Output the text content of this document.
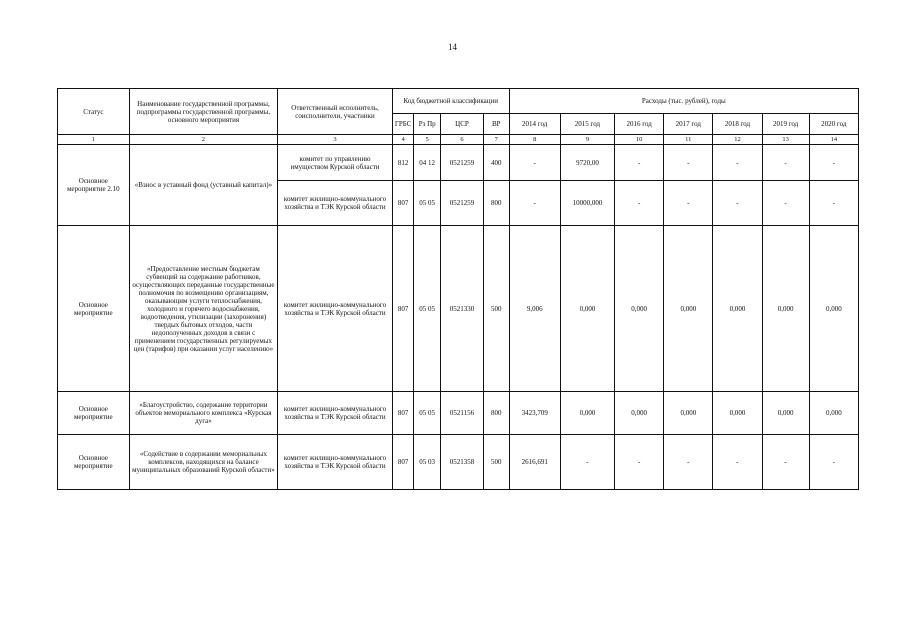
14
Статус	Наименование государственной программы, подпрограммы государственной программы, основного мероприятия	Ответственный исполнитель, соисполнители, участники	Код бюджетной классификации				Расходы (тыс. рублей), годы						
			ГРБС	Рз Пр	ЦСР	ВР	2014 год	2015 год	2016 год	2017 год	2018 год	2019 год	2020 год
1	2	3	4	5	6	7	8	9	10	11	12	13	14
Основное мероприятие 2.10	«Взнос в уставный фонд (уставный капитал)»	комитет по управлению имуществом Курской области	812	04 12	0521259	400	-	9720,00	-	-	-	-	-
		комитет жилищно-коммунального хозяйства и ТЭК Курской области	807	05 05	0521259	800	-	10000,000	-	-	-	-	-
Основное мероприятие	«Предоставление местным бюджетам субвенций на содержание работников, осуществляющих переданные государственные полномочия по возмещению организациям, оказывающим услуги теплоснабжения, холодного и горячего водоснабжения, водоотведения, утилизации (захоронения) твердых бытовых отходов, части недополученных доходов в связи с применением государственных регулируемых цен (тарифов) при оказании услуг населению»	комитет жилищно-коммунального хозяйства и ТЭК Курской области	807	05 05	0521330	500	9,006	0,000	0,000	0,000	0,000	0,000	0,000
Основное мероприятие	«Благоустройство, содержание территории объектов мемориального комплекса «Курская дуга»	комитет жилищно-коммунального хозяйства и ТЭК Курской области	807	05 05	0521156	800	3423,709	0,000	0,000	0,000	0,000	0,000	0,000
Основное мероприятие	«Содействие в содержании мемориальных комплексов, находящихся на балансе муниципальных образований Курской области»	комитет жилищно-коммунального хозяйства и ТЭК Курской области	807	05 03	0521358	500	2616,691	-	-	-	-	-	-
